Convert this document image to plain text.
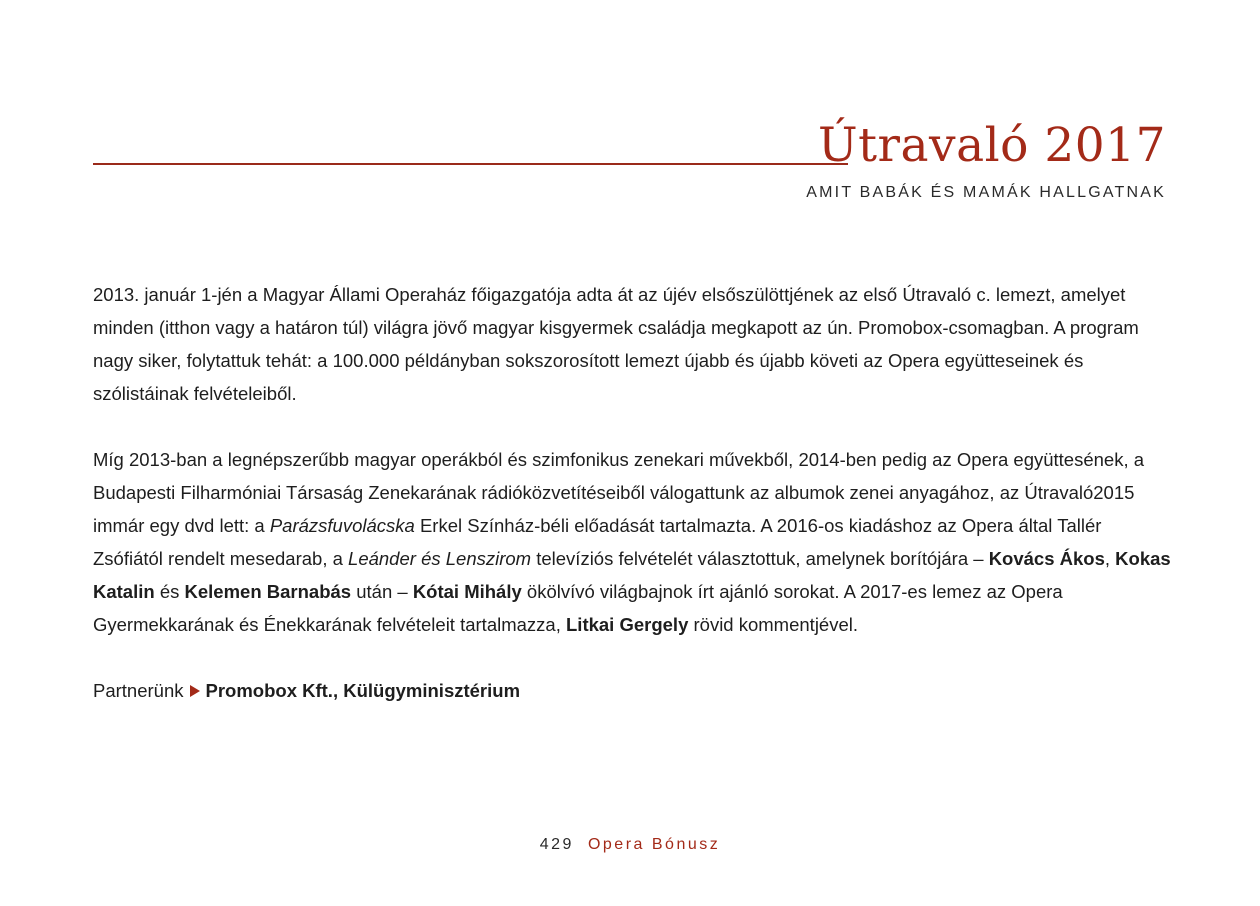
Útravaló 2017
AMIT BABÁK ÉS MAMÁK HALLGATNAK

2013. január 1-jén a Magyar Állami Operaház főigazgatója adta át az újév elsőszülöttjének az első Útravaló c. lemezt, amelyet minden (itthon vagy a határon túl) világra jövő magyar kisgyermek családja megkapott az ún. Promobox-csomagban. A program nagy siker, folytattuk tehát: a 100.000 példányban sokszorosított lemezt újabb és újabb követi az Opera együtteseinek és szólistáinak felvételeiből.

Míg 2013-ban a legnépszerűbb magyar operákból és szimfonikus zenekari művekből, 2014-ben pedig az Opera együttesének, a Budapesti Filharmóniai Társaság Zenekarának rádióközvetítéseiből válogattunk az albumok zenei anyagához, az Útravaló2015 immár egy dvd lett: a Parázsfuvolácska Erkel Színház-béli előadását tartalmazta. A 2016-os kiadáshoz az Opera által Tallér Zsófiától rendelt mesedarab, a Leánder és Lenszirom televíziós felvételét választottuk, amelynek borítójára – Kovács Ákos, Kokas Katalin és Kelemen Barnabás után – Kótai Mihály ökölvívó világbajnok írt ajánló sorokat. A 2017-es lemez az Opera Gyermekkarának és Énekkarának felvételeit tartalmazza, Litkai Gergely rövid kommentjével.

Partnerünk Promobox Kft., Külügyminisztérium

429 Opera Bónusz
